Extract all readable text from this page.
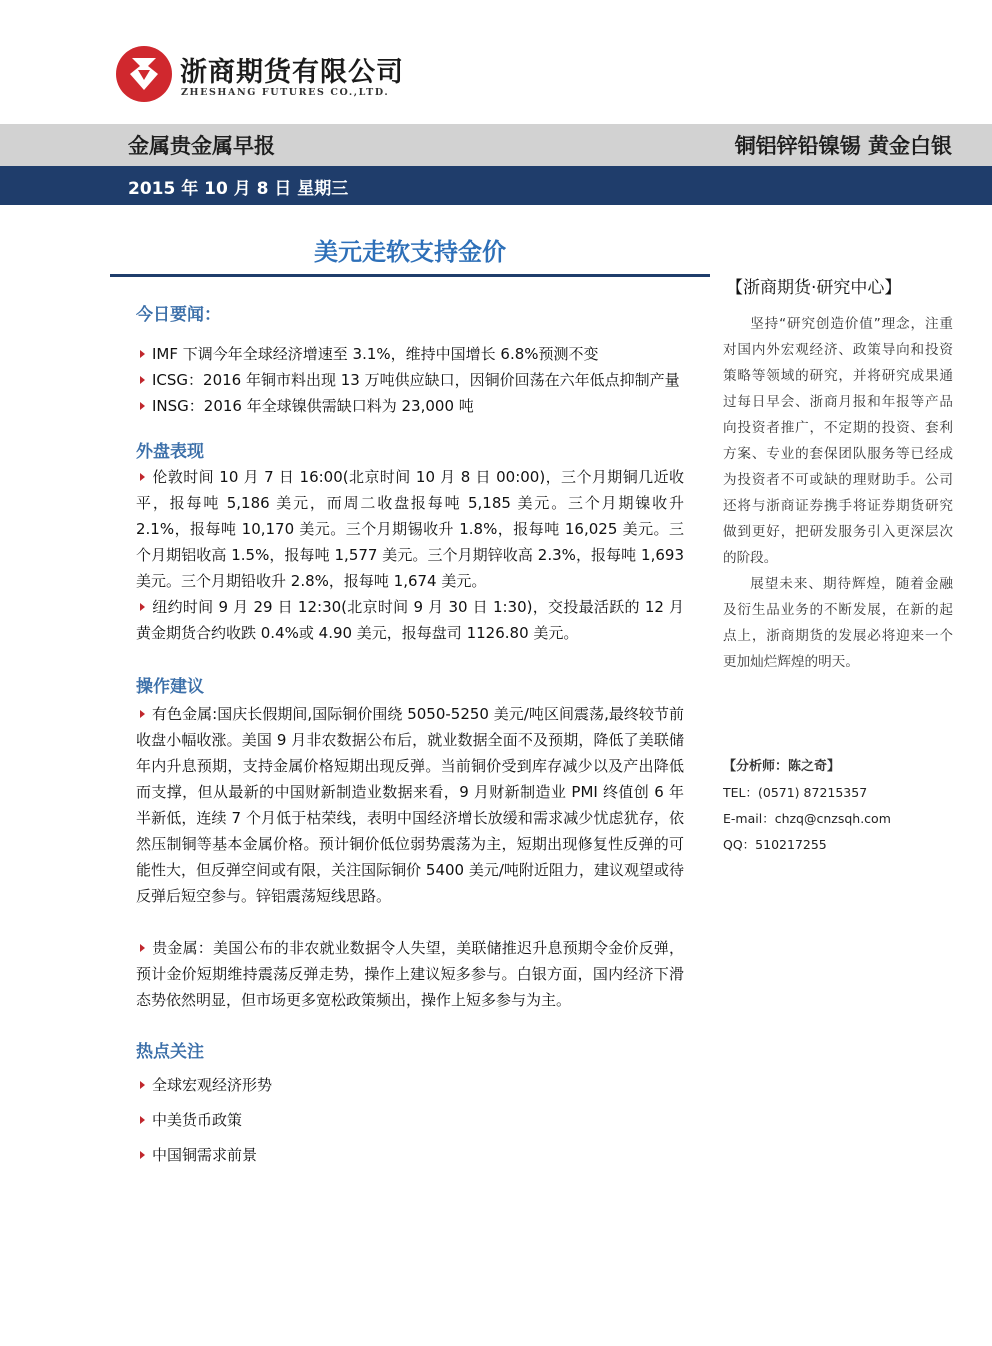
浙商期货有限公司
ZHESHANG FUTURES CO.,LTD.
金属贵金属早报	铜铝锌铅镍锡 黄金白银
2015 年 10 月 8 日 星期三
美元走软支持金价
今日要闻：

IMF 下调今年全球经济增速至 3.1%，维持中国增长 6.8%预测不变

ICSG：2016 年铜市料出现 13 万吨供应缺口，因铜价回荡在六年低点抑制产量

INSG：2016 年全球镍供需缺口料为 23,000 吨

外盘表现

伦敦时间 10 月 7 日 16:00(北京时间 10 月 8 日 00:00)，三个月期铜几近收平，报每吨 5,186 美元，而周二收盘报每吨 5,185 美元。三个月期镍收升 2.1%，报每吨 10,170 美元。三个月期锡收升 1.8%，报每吨 16,025 美元。三个月期铝收高 1.5%，报每吨 1,577 美元。三个月期锌收高 2.3%，报每吨 1,693 美元。三个月期铅收升 2.8%，报每吨 1,674 美元。

纽约时间 9 月 29 日 12:30(北京时间 9 月 30 日 1:30)，交投最活跃的 12 月黄金期货合约收跌 0.4%或 4.90 美元，报每盘司 1126.80 美元。

操作建议

有色金属:国庆长假期间,国际铜价围绕 5050-5250 美元/吨区间震荡,最终较节前收盘小幅收涨。美国 9 月非农数据公布后，就业数据全面不及预期，降低了美联储年内升息预期，支持金属价格短期出现反弹。当前铜价受到库存减少以及产出降低而支撑，但从最新的中国财新制造业数据来看，9 月财新制造业 PMI 终值创 6 年半新低，连续 7 个月低于枯荣线，表明中国经济增长放缓和需求减少忧虑犹存，依然压制铜等基本金属价格。预计铜价低位弱势震荡为主，短期出现修复性反弹的可能性大，但反弹空间或有限，关注国际铜价 5400 美元/吨附近阻力，建议观望或待反弹后短空参与。锌铝震荡短线思路。

贵金属：美国公布的非农就业数据令人失望，美联储推迟升息预期令金价反弹，预计金价短期维持震荡反弹走势，操作上建议短多参与。白银方面，国内经济下滑态势依然明显，但市场更多宽松政策频出，操作上短多参与为主。

热点关注

全球宏观经济形势

中美货币政策

中国铜需求前景

【浙商期货·研究中心】

坚持“研究创造价值”理念，注重对国内外宏观经济、政策导向和投资策略等领域的研究，并将研究成果通过每日早会、浙商月报和年报等产品向投资者推广，不定期的投资、套利方案、专业的套保团队服务等已经成为投资者不可或缺的理财助手。公司还将与浙商证券携手将证券期货研究做到更好，把研发服务引入更深层次的阶段。

展望未来、期待辉煌，随着金融及衍生品业务的不断发展，在新的起点上，浙商期货的发展必将迎来一个更加灿烂辉煌的明天。

【分析师：陈之奇】
TEL：(0571) 87215357
E-mail：chzq@cnzsqh.com
QQ：510217255
